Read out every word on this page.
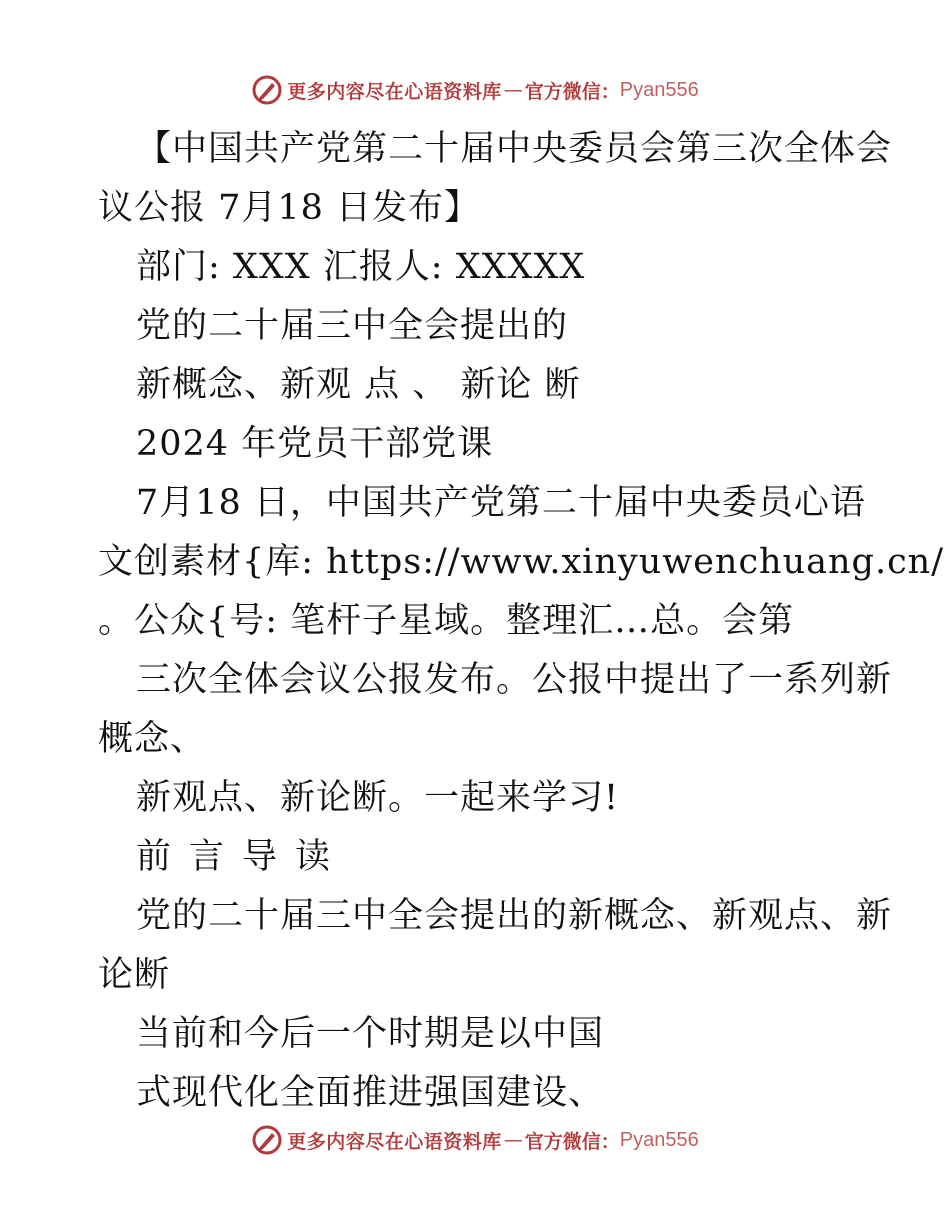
更多内容尽在心语资料库 — 官方微信： Pyan556
【中国共产党第二十届中央委员会第三次全体会
议公报 7月18 日发布】
部门: XXX 汇报人: XXXXX
党的二十届三中全会提出的
新概念、新观 点 、 新论 断
2024 年党员干部党课
7月18 日，中国共产党第二十届中央委员心语
文创素材{库: https://www.xinyuwenchuang.cn/
。公众{号: 笔杆子星域。整理汇…总。会第
三次全体会议公报发布。公报中提出了一系列新
概念、
新观点、新论断。一起来学习!
前言导读
党的二十届三中全会提出的新概念、新观点、新
论断
当前和今后一个时期是以中国
式现代化全面推进强国建设、
更多内容尽在心语资料库 — 官方微信： Pyan556
